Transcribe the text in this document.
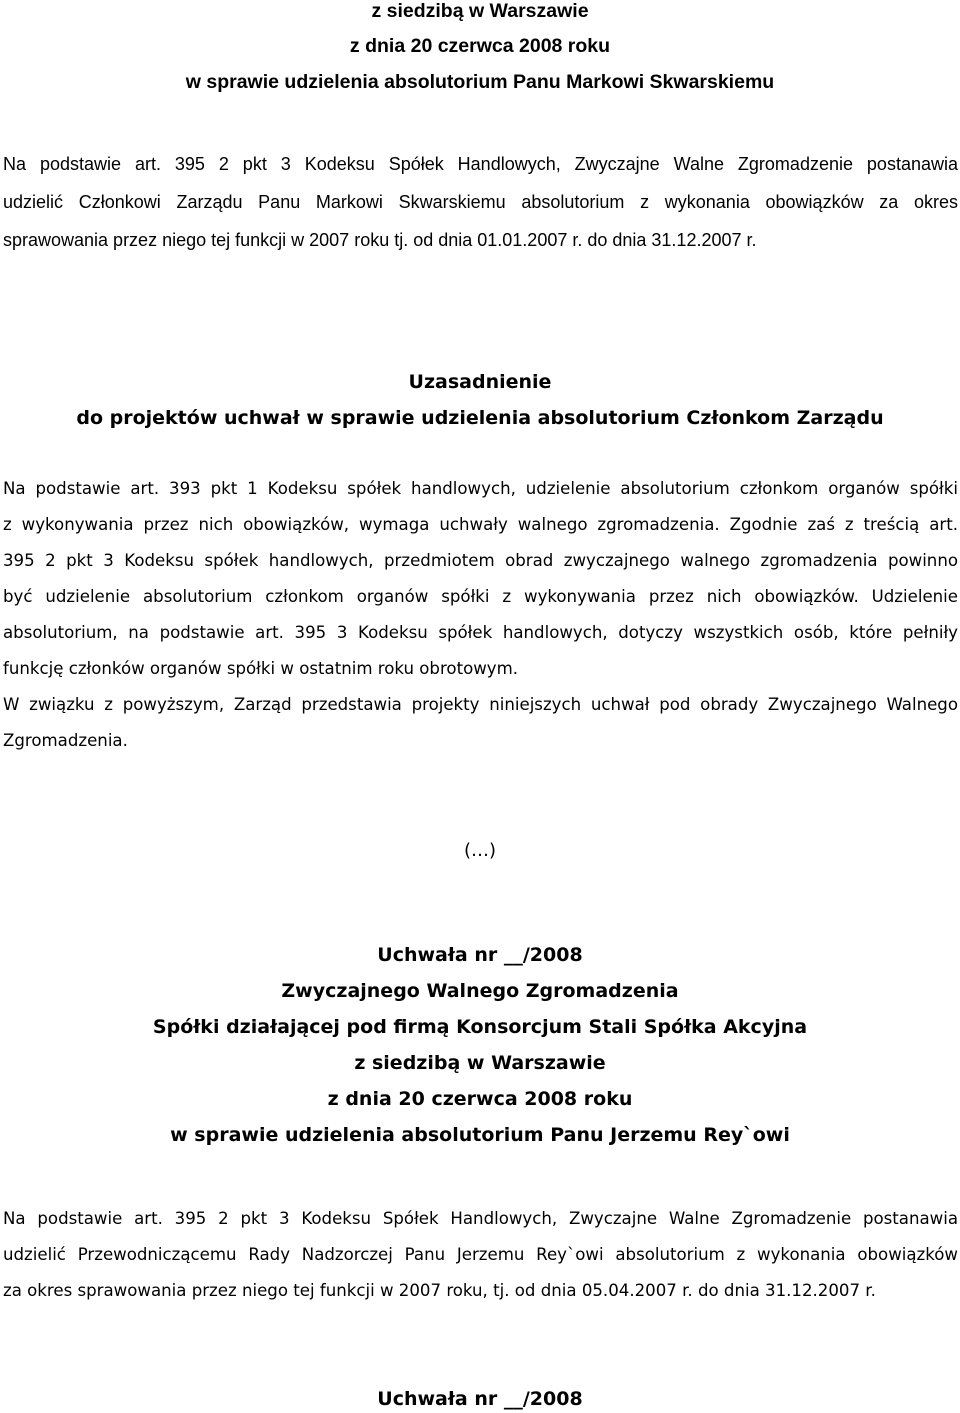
z siedzibą w Warszawie
z dnia 20 czerwca 2008 roku
w sprawie udzielenia absolutorium Panu Markowi Skwarskiemu
Na podstawie art. 395 2 pkt 3 Kodeksu Spółek Handlowych, Zwyczajne Walne Zgromadzenie postanawia
udzielić Członkowi Zarządu Panu Markowi Skwarskiemu absolutorium z wykonania obowiązków za okres
sprawowania przez niego tej funkcji w 2007 roku tj. od dnia 01.01.2007 r. do dnia 31.12.2007 r.
Uzasadnienie
do projektów uchwał w sprawie udzielenia absolutorium Członkom Zarządu
Na podstawie art. 393 pkt 1 Kodeksu spółek handlowych, udzielenie absolutorium członkom organów spółki
z wykonywania przez nich obowiązków, wymaga uchwały walnego zgromadzenia. Zgodnie zaś z treścią art.
395 2 pkt 3 Kodeksu spółek handlowych, przedmiotem obrad zwyczajnego walnego zgromadzenia powinno
być udzielenie absolutorium członkom organów spółki z wykonywania przez nich obowiązków. Udzielenie
absolutorium, na podstawie art. 395 3 Kodeksu spółek handlowych, dotyczy wszystkich osób, które pełniły
funkcję członków organów spółki w ostatnim roku obrotowym.
W związku z powyższym, Zarząd przedstawia projekty niniejszych uchwał pod obrady Zwyczajnego Walnego
Zgromadzenia.
(…)
Uchwała nr __/2008
Zwyczajnego Walnego Zgromadzenia
Spółki działającej pod firmą Konsorcjum Stali Spółka Akcyjna
z siedzibą w Warszawie
z dnia 20 czerwca 2008 roku
w sprawie udzielenia absolutorium Panu Jerzemu Rey`owi
Na podstawie art. 395 2 pkt 3 Kodeksu Spółek Handlowych, Zwyczajne Walne Zgromadzenie postanawia
udzielić Przewodniczącemu Rady Nadzorczej Panu Jerzemu Rey`owi absolutorium z wykonania obowiązków
za okres sprawowania przez niego tej funkcji w 2007 roku, tj. od dnia 05.04.2007 r. do dnia 31.12.2007 r.
Uchwała nr __/2008
